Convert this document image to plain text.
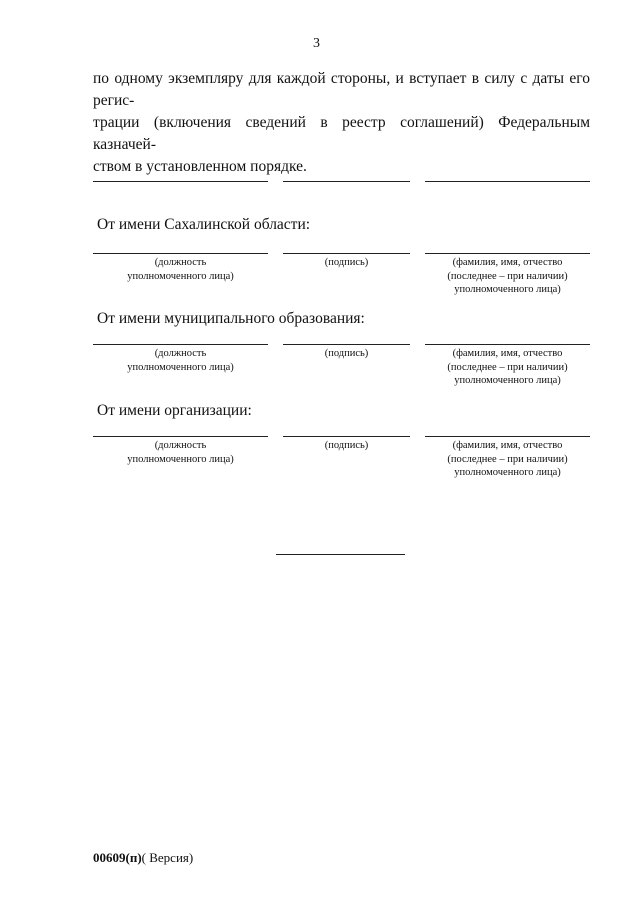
3
по одному экземпляру для каждой стороны, и вступает в силу с даты его регис-
трации (включения сведений в реестр соглашений) Федеральным казначей-
ством в установленном порядке.
От имени Сахалинской области:
(должность
уполномоченного лица)
(подпись)	(фамилия, имя, отчество
(последнее – при наличии)
уполномоченного лица)
От имени муниципального образования:
(должность
уполномоченного лица)
(подпись)	(фамилия, имя, отчество
(последнее – при наличии)
уполномоченного лица)
От имени организации:
(должность
уполномоченного лица)
(подпись)	(фамилия, имя, отчество
(последнее – при наличии)
уполномоченного лица)
00609(п)( Версия)
